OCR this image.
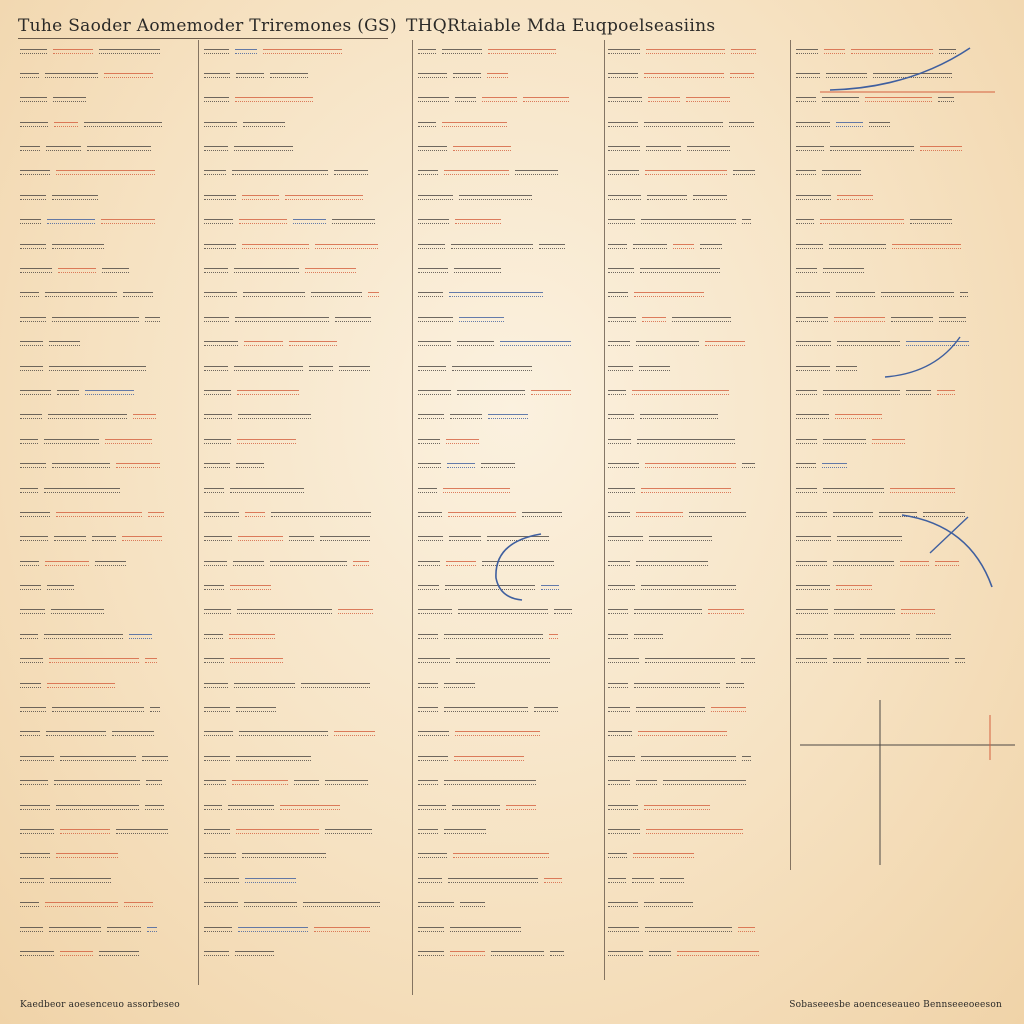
Tuhe Saoder Aomemoder Triremones (GS) THQRtaiable Mda Euqpoelseasiins
Kaedbeor aoesenceuo assorbeseo	Sobaseeesbe aoenceseaueo Bennseeeoeeson
